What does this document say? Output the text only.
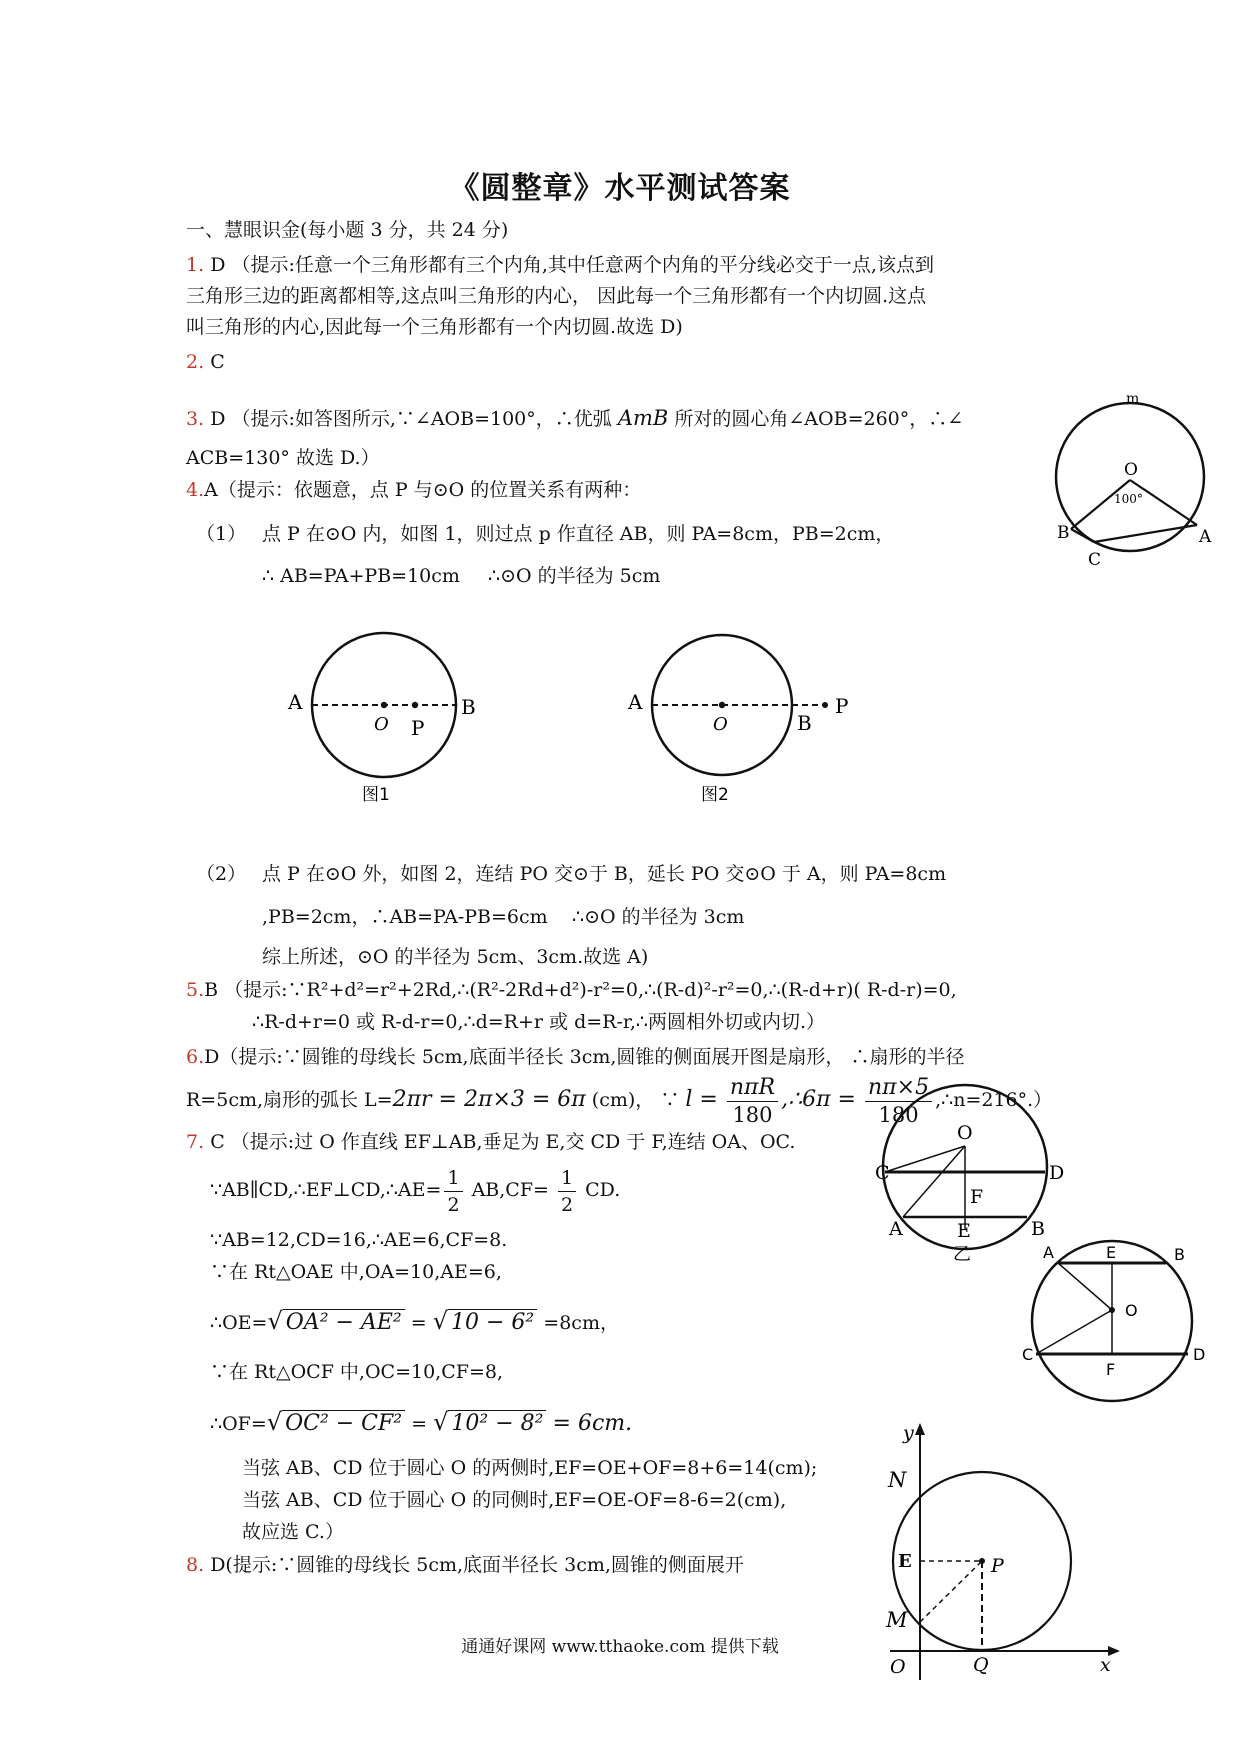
《圆整章》水平测试答案
一、慧眼识金(每小题 3 分，共 24 分)
1. D （提示:任意一个三角形都有三个内角,其中任意两个内角的平分线必交于一点,该点到
三角形三边的距离都相等,这点叫三角形的内心， 因此每一个三角形都有一个内切圆.这点
叫三角形的内心,因此每一个三角形都有一个内切圆.故选 D)
2. C
3. D （提示:如答图所示,∵∠AOB=100°，∴优弧 AmB 所对的圆心角∠AOB=260°，∴∠
ACB=130° 故选 D.）
m
O
100°
B	A
C
4.A（提示：依题意，点 P 与⊙O 的位置关系有两种：
（1） 点 P 在⊙O 内，如图 1，则过点 p 作直径 AB，则 PA=8cm，PB=2cm，
∴ AB=PA+PB=10cm ∴⊙O 的半径为 5cm
A	B
O P
图1
A
B
O
P
图2
（2） 点 P 在⊙O 外，如图 2，连结 PO 交⊙于 B，延长 PO 交⊙O 于 A，则 PA=8cm
,PB=2cm，∴AB=PA-PB=6cm ∴⊙O 的半径为 3cm
综上所述，⊙O 的半径为 5cm、3cm.故选 A)
5.B （提示:∵R²+d²=r²+2Rd,∴(R²-2Rd+d²)-r²=0,∴(R-d)²-r²=0,∴(R-d+r)( R-d-r)=0,
∴R-d+r=0 或 R-d-r=0,∴d=R+r 或 d=R-r,∴两圆相外切或内切.）
6.D（提示:∵圆锥的母线长 5cm,底面半径长 3cm,圆锥的侧面展开图是扇形， ∴扇形的半径
R=5cm,扇形的弧长 L=2πr = 2π×3 = 6π (cm)， ∵ $l = \frac{\text{nπR}}{180}$ ,∴6π = $\frac{n\pi\times 5}{180}$ ,∴n=216°.）
7. C （提示:过 O 作直线 EF⊥AB,垂足为 E,交 CD 于 F,连结 OA、OC.
∵AB∥CD,∴EF⊥CD,∴AE= $\frac{1}{2} AB,CF= \frac{1}{2}$ CD.
∵AB=12,CD=16,∴AE=6,CF=8.
∵在 Rt△OAE 中,OA=10,AE=6,
∴OE=√ OA² − AE² = √ 10 − 6² =8cm，
∵在 Rt△OCF 中,OC=10,CF=8,
∴OF=√ OC² − CF² = √ 10² − 8² = 6cm.
当弦 AB、CD 位于圆心 O 的两侧时,EF=OE+OF=8+6=14(cm);
当弦 AB、CD 位于圆心 O 的同侧时,EF=OE-OF=8-6=2(cm),
故应选 C.）
8. D(提示:∵圆锥的母线长 5cm,底面半径长 3cm,圆锥的侧面展开
O
C	D
F
A	E	B
乙	A	E	B
O
C
F
D
y
N
E	P
M
O	Q	x
通通好课网 www.tthaoke.com 提供下载
